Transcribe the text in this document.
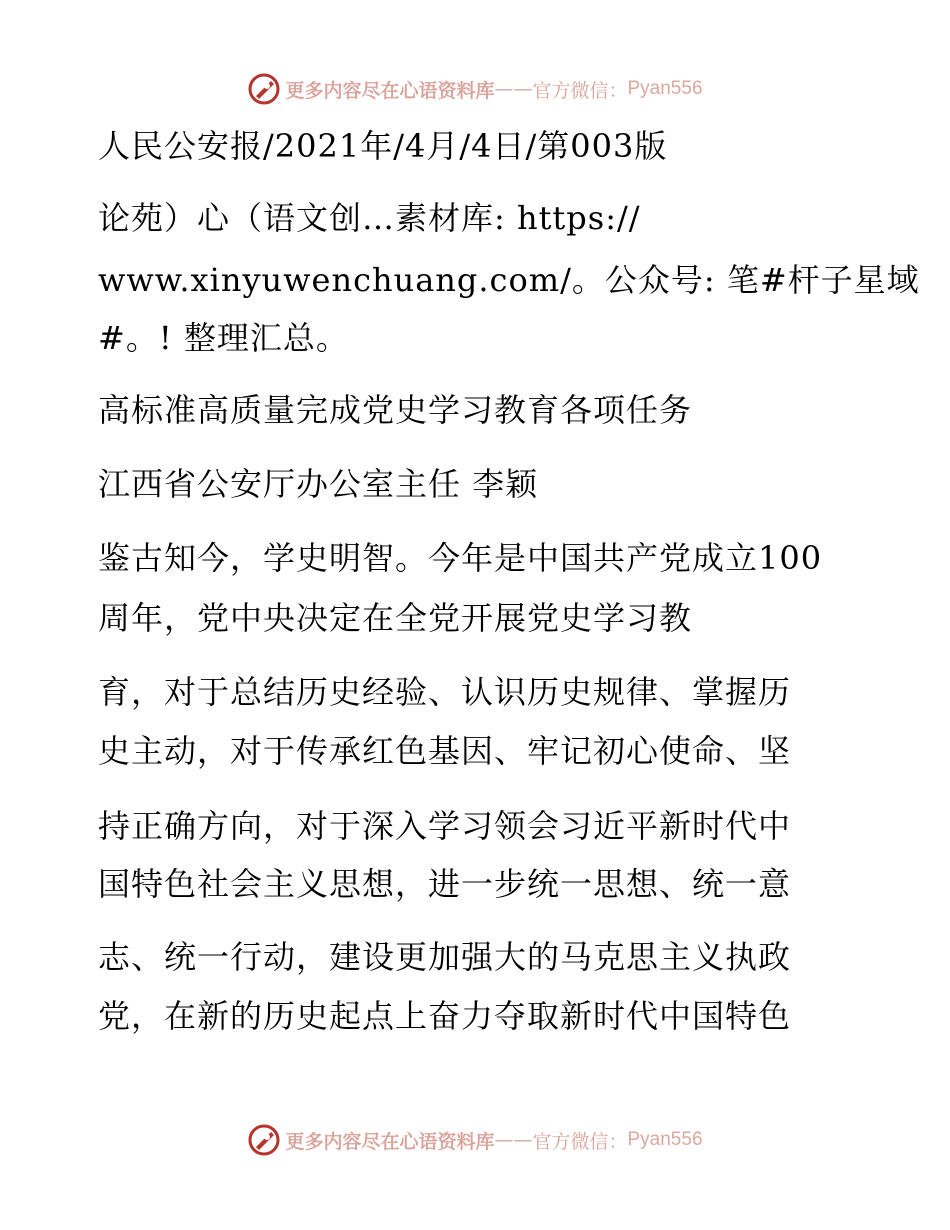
更多内容尽在心语资料库 —— 官方微信： Pyan556
人民公安报/2021年/4月/4日/第003版
论苑）心（语文创…素材库: https://
www.xinyuwenchuang.com/。公众号: 笔#杆子星域
#。! 整理汇总。
高标准高质量完成党史学习教育各项任务
江西省公安厅办公室主任 李颖
鉴古知今，学史明智。今年是中国共产党成立100
周年，党中央决定在全党开展党史学习教
育，对于总结历史经验、认识历史规律、掌握历
史主动，对于传承红色基因、牢记初心使命、坚
持正确方向，对于深入学习领会习近平新时代中
国特色社会主义思想，进一步统一思想、统一意
志、统一行动，建设更加强大的马克思主义执政
党，在新的历史起点上奋力夺取新时代中国特色
更多内容尽在心语资料库 —— 官方微信： Pyan556
